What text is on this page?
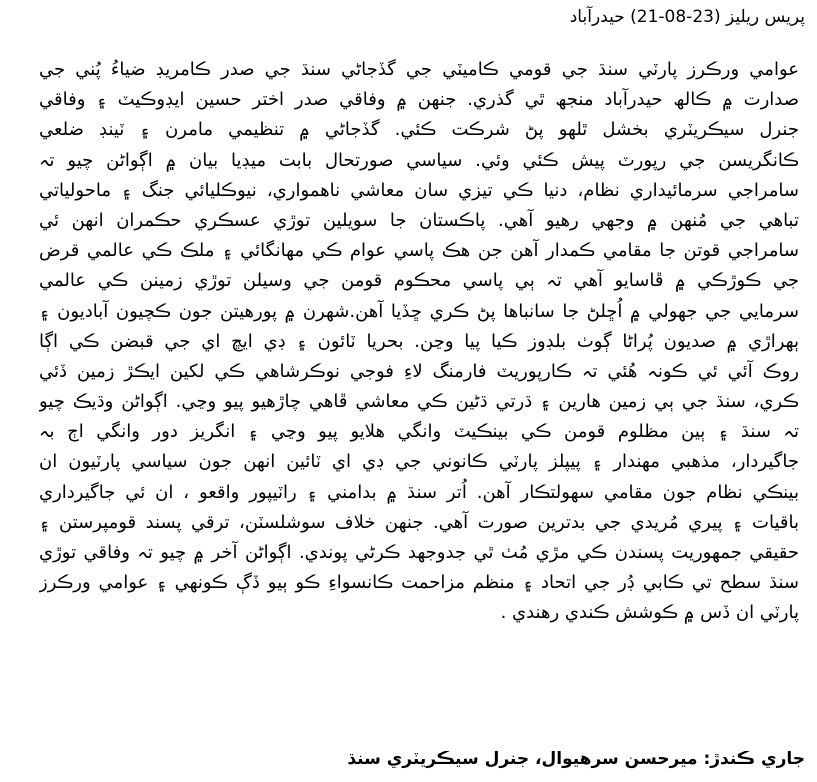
پريس ريليز (23-08-21) حيدرآباد
عوامي ورڪرز پارٽي سنڌ جي قومي ڪاميٽي جي گڏجاڻي سنڌ جي صدر ڪامريڊ ضياءُ پُني جي
صدارت ۾ ڪالھ حيدرآباد منجھ ٿي گذري. جنھن ۾ وفاقي صدر اختر حسين ايڊوڪيٽ ۽ وفاقي
جنرل سيڪريٽري بخشل ٿلھو پڻ شرڪت ڪئي. گڏجاڻي ۾ تنظيمي مامرن ۽ ٽينڊ ضلعي
ڪانگريسن جي رپورٽ پيش ڪئي وئي. سياسي صورتحال بابت ميڊيا بيان ۾ اڳواڻن چيو تہ
سامراجي سرمائيداري نظام، دنيا ڪي تيزي سان معاشي ناھمواري، نيوڪليائي جنگ ۽ ماحولياتي
تباھي جي مُنھن ۾ وجھي رھيو آھي. پاڪستان جا سويلين توڙي عسڪري حڪمران انھن ئي
سامراجي قوتن جا مقامي ڪمدار آھن جن ھڪ پاسي عوام ڪي مھانگائي ۽ ملڪ ڪي عالمي قرض
جي ڪوڙڪي ۾ ڦاسايو آھي تہ ٻي پاسي محڪوم قومن جي وسيلن توڙي زمينن ڪي عالمي
سرمايي جي جھولي ۾ اُڇلڻ جا سانباھا پڻ ڪري ڇڏيا آھن.شھرن ۾ پورھيتن جون ڪچيون آباديون ۽
ٻھراڙي ۾ صديون پُراڻا ڳوٺ بلڊوز ڪيا پيا وڃن. بحريا ٽائون ۽ ڊي ايڇ اي جي قبضن ڪي اڳا
روڪ آئي ئي ڪونہ ھُئي تہ ڪارپوريٽ فارمنگ لاءِ فوجي نوڪرشاھي ڪي لکين ايڪڙ زمين ڏئي
ڪري، سنڌ جي ٻي زمين ھارين ۽ ڌرتي ڌڻين ڪي معاشي ڦاھي چاڙھيو پيو وڃي. اڳواڻن وڌيڪ چيو
تہ سنڌ ۽ ٻين مظلوم قومن ڪي بينڪيٽ وانگي ھلايو پيو وڃي ۽ انگريز دور وانگي اڄ بہ
جاگيردار، مذھبي مھندار ۽ پيپلز پارٽي ڪانوني جي ڊي اي ٽائين انھن جون سياسي پارٽيون ان
بينڪي نظام جون مقامي سھولتڪار آھن. اُتر سنڌ ۾ بدامني ۽ راٽيپور واقعو ، ان ئي جاگيرداري
باقيات ۽ پيري مُريدي جي بدترين صورت آھي. جنھن خلاف سوشلسٽن، ترقي پسند قومپرستن ۽
حقيقي جمھوريت پسندن ڪي مڙي مُٺ ٿي جدوجھد ڪرڻي پوندي. اڳواڻن آخر ۾ چيو تہ وفاقي توڙي
سنڌ سطح تي ڪابي ڊُر جي اتحاد ۽ منظم مزاحمت ڪانسواءِ ڪو ٻيو ڏڳ ڪونھي ۽ عوامي ورڪرز
پارٽي ان ڏس ۾ ڪوشش ڪندي رھندي .
جاري ڪندڙ: ميرحسن سرھيوال، جنرل سيڪريٽري سنڌ
